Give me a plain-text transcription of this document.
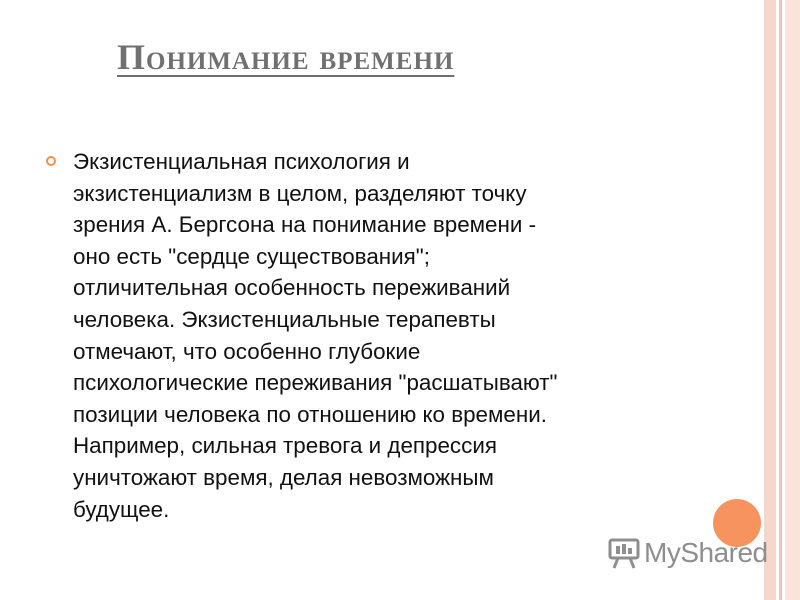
Понимание времени

Экзистенциальная психология и
экзистенциализм в целом, разделяют точку
зрения А. Бергсона на понимание времени -
оно есть "сердце существования";
отличительная особенность переживаний
человека. Экзистенциальные терапевты
отмечают, что особенно глубокие
психологические переживания "расшатывают"
позиции человека по отношению ко времени.
Например, сильная тревога и депрессия
уничтожают время, делая невозможным
будущее.

MyShared
